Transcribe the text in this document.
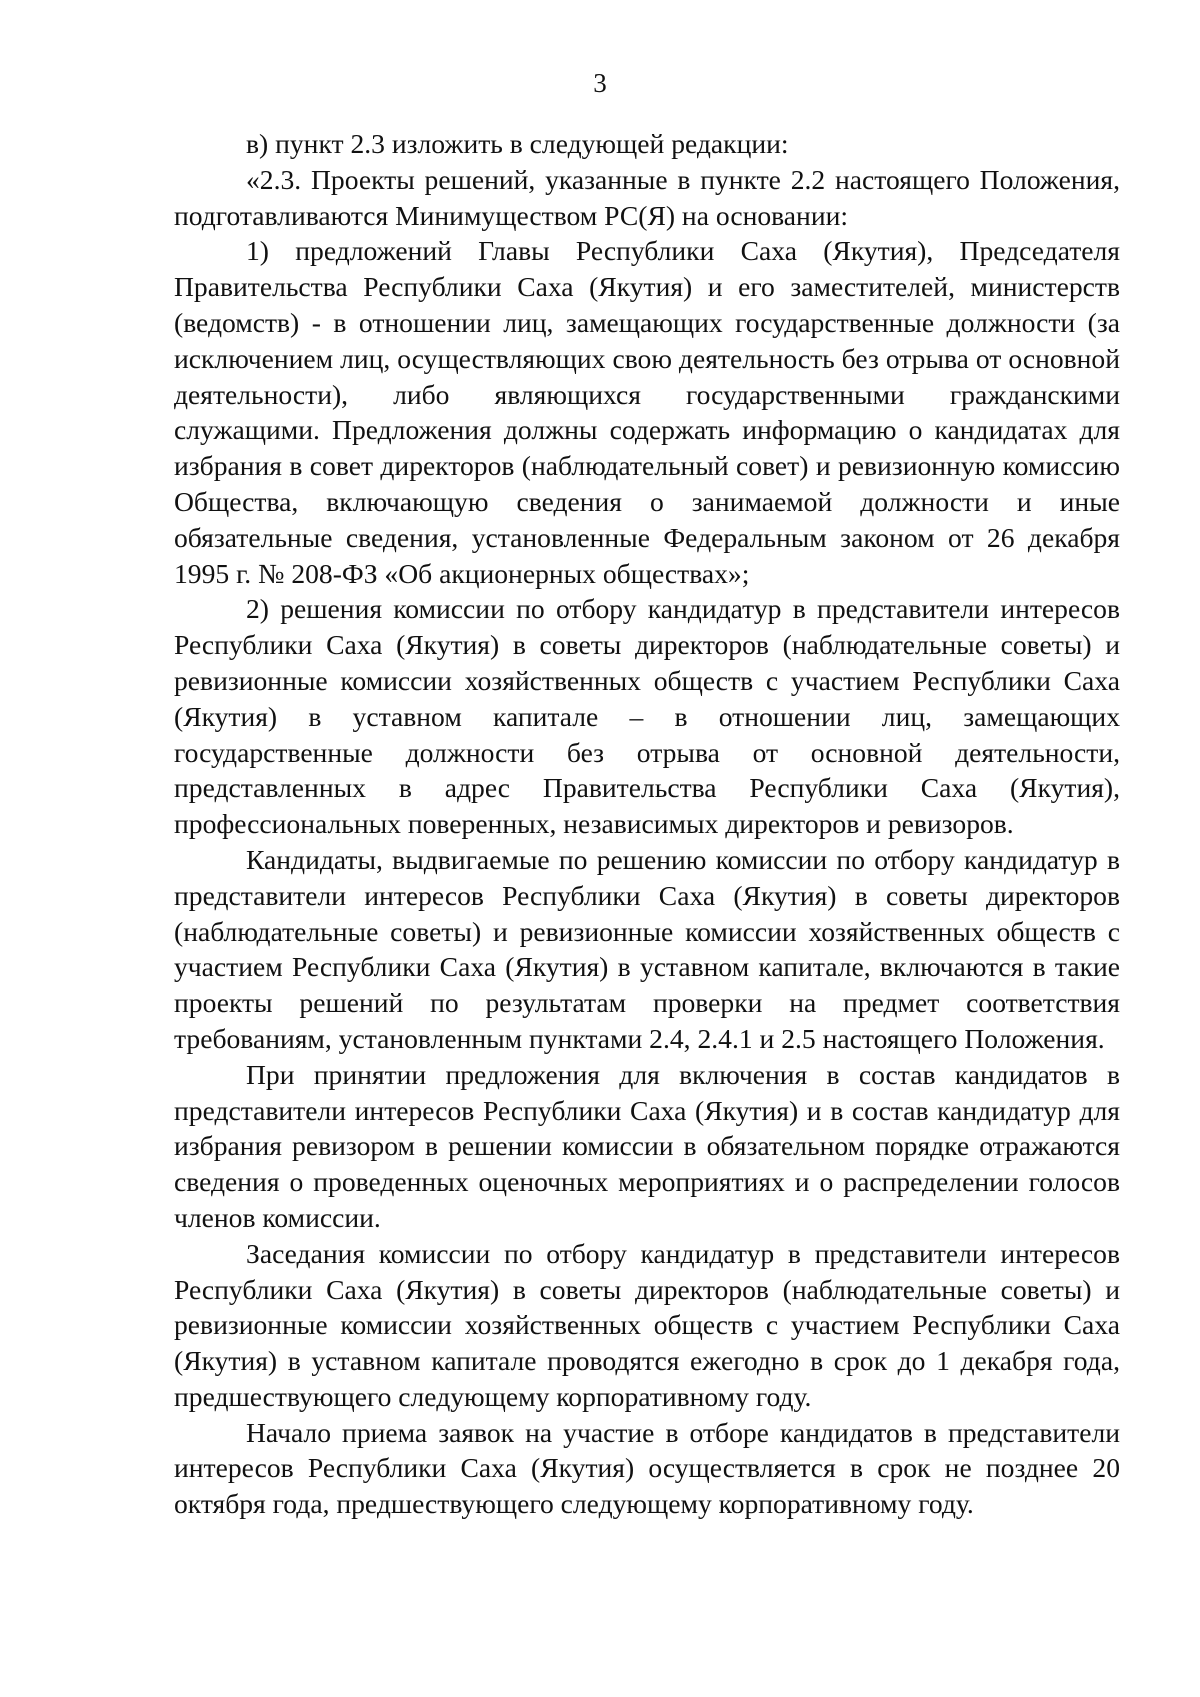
3

в) пункт 2.3 изложить в следующей редакции:

«2.3. Проекты решений, указанные в пункте 2.2 настоящего Положения, подготавливаются Минимуществом РС(Я) на основании:

1) предложений Главы Республики Саха (Якутия), Председателя Правительства Республики Саха (Якутия) и его заместителей, министерств (ведомств) - в отношении лиц, замещающих государственные должности (за исключением лиц, осуществляющих свою деятельность без отрыва от основной деятельности), либо являющихся государственными гражданскими служащими. Предложения должны содержать информацию о кандидатах для избрания в совет директоров (наблюдательный совет) и ревизионную комиссию Общества, включающую сведения о занимаемой должности и иные обязательные сведения, установленные Федеральным законом от 26 декабря 1995 г. № 208-ФЗ «Об акционерных обществах»;

2) решения комиссии по отбору кандидатур в представители интересов Республики Саха (Якутия) в советы директоров (наблюдательные советы) и ревизионные комиссии хозяйственных обществ с участием Республики Саха (Якутия) в уставном капитале – в отношении лиц, замещающих государственные должности без отрыва от основной деятельности, представленных в адрес Правительства Республики Саха (Якутия), профессиональных поверенных, независимых директоров и ревизоров.

Кандидаты, выдвигаемые по решению комиссии по отбору кандидатур в представители интересов Республики Саха (Якутия) в советы директоров (наблюдательные советы) и ревизионные комиссии хозяйственных обществ с участием Республики Саха (Якутия) в уставном капитале, включаются в такие проекты решений по результатам проверки на предмет соответствия требованиям, установленным пунктами 2.4, 2.4.1 и 2.5 настоящего Положения.

При принятии предложения для включения в состав кандидатов в представители интересов Республики Саха (Якутия) и в состав кандидатур для избрания ревизором в решении комиссии в обязательном порядке отражаются сведения о проведенных оценочных мероприятиях и о распределении голосов членов комиссии.

Заседания комиссии по отбору кандидатур в представители интересов Республики Саха (Якутия) в советы директоров (наблюдательные советы) и ревизионные комиссии хозяйственных обществ с участием Республики Саха (Якутия) в уставном капитале проводятся ежегодно в срок до 1 декабря года, предшествующего следующему корпоративному году.

Начало приема заявок на участие в отборе кандидатов в представители интересов Республики Саха (Якутия) осуществляется в срок не позднее 20 октября года, предшествующего следующему корпоративному году.
